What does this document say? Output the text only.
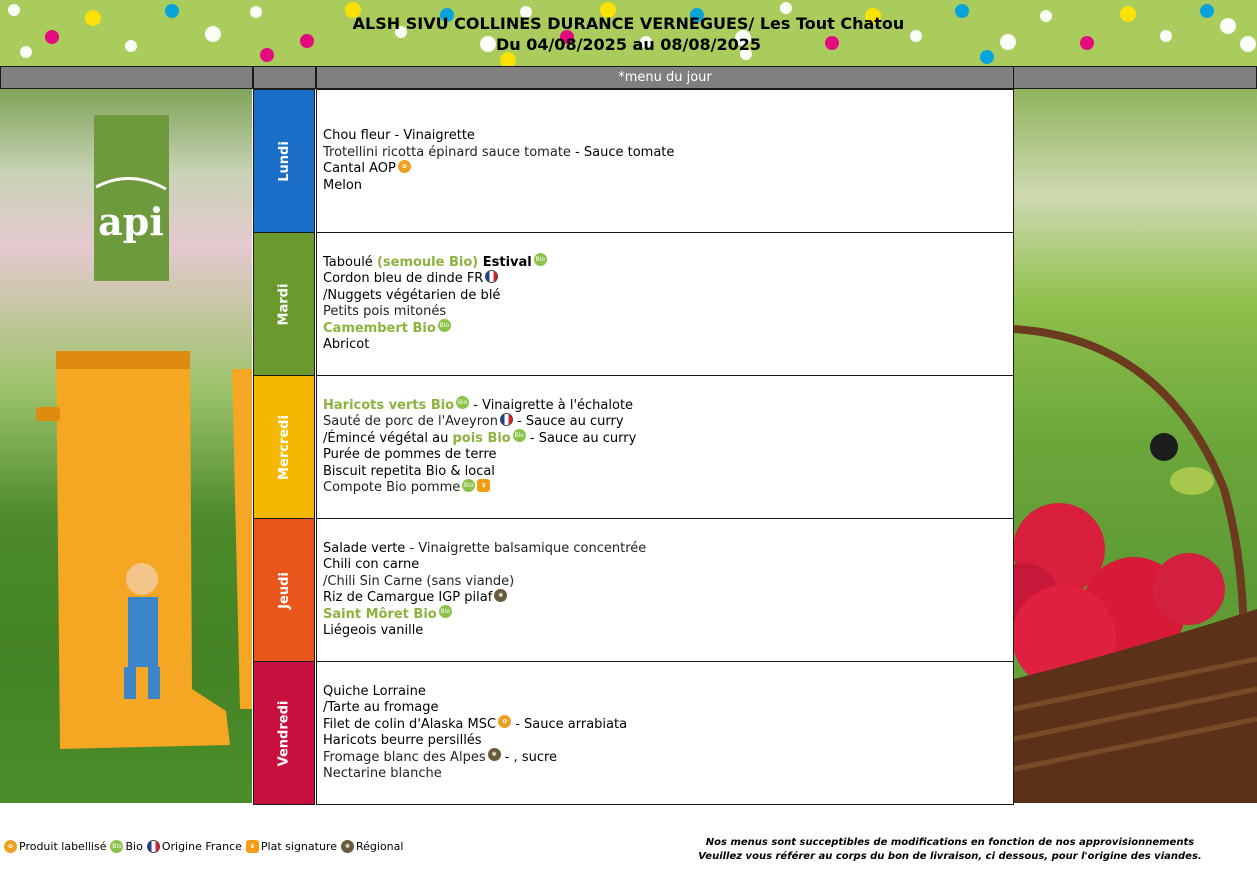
ALSH SIVU COLLINES DURANCE VERNEGUES/ Les Tout Chatou
Du 04/08/2025 au 08/08/2025
*menu du jour
api
Lundi
Chou fleur - Vinaigrette
Trotellini ricotta épinard sauce tomate - Sauce tomate
Cantal AOP ✿
Melon
Mardi
Taboulé (semoule Bio) Estival Bio
Cordon bleu de dinde FR
/Nuggets végétarien de blé
Petits pois mitonés
Camembert Bio Bio
Abricot
Mercredi
Haricots verts Bio Bio - Vinaigrette à l'échalote
Sauté de porc de l'Aveyron - Sauce au curry
/Émincé végétal au pois Bio Bio - Sauce au curry
Purée de pommes de terre
Biscuit repetita Bio & local
Compote Bio pomme Bio	♛
Jeudi
Salade verte - Vinaigrette balsamique concentrée
Chili con carne
/Chili Sin Carne (sans viande)
Riz de Camargue IGP pilaf ✾
Saint Môret Bio Bio
Liégeois vanille
Vendredi
Quiche Lorraine
/Tarte au fromage
Filet de colin d'Alaska MSC ✿ - Sauce arrabiata
Haricots beurre persillés
Fromage blanc des Alpes ✾ - , sucre
Nectarine blanche
✿ Produit labellisé Bio Bio Origine France	♛ Plat signature	✾ Régional	Nos menus sont succeptibles de modifications en fonction de nos approvisionnements
Veuillez vous référer au corps du bon de livraison, ci dessous, pour l'origine des viandes.
